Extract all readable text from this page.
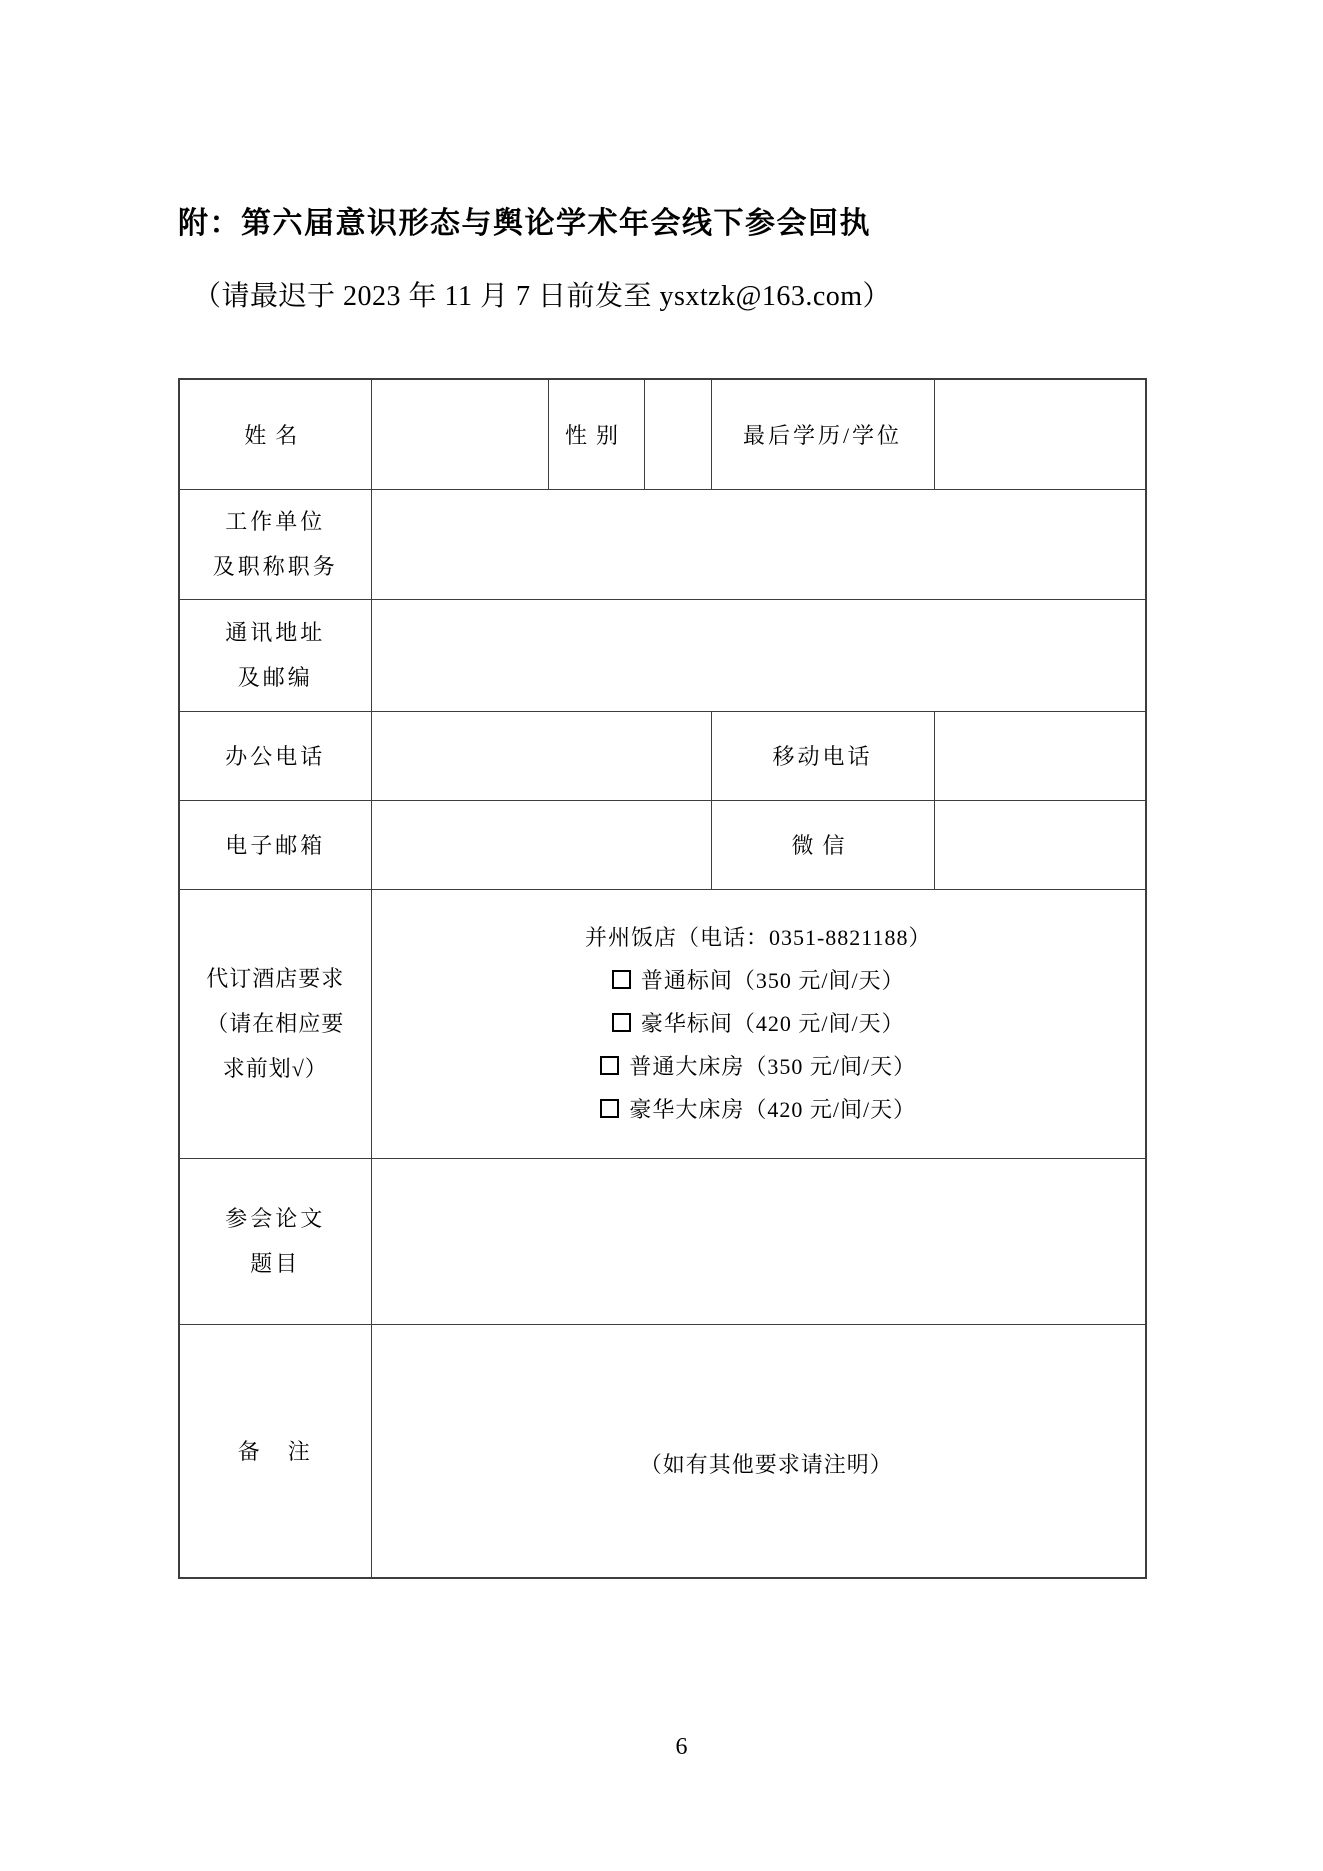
附：第六届意识形态与舆论学术年会线下参会回执
（请最迟于 2023 年 11 月 7 日前发至 ysxtzk@163.com）
姓名		性别		最后学历/学位	

工作单位
及职称职务					

通讯地址
及邮编					

办公电话				移动电话	
电子邮箱				微信	

代订酒店要求
（请在相应要
求前划√）

并州饭店（电话：0351-8821188）
普通标间（350 元/间/天）
豪华标间（420 元/间/天）
普通大床房（350 元/间/天）
豪华大床房（420 元/间/天）

参会论文
题目					

备　注	（如有其他要求请注明）				
6
